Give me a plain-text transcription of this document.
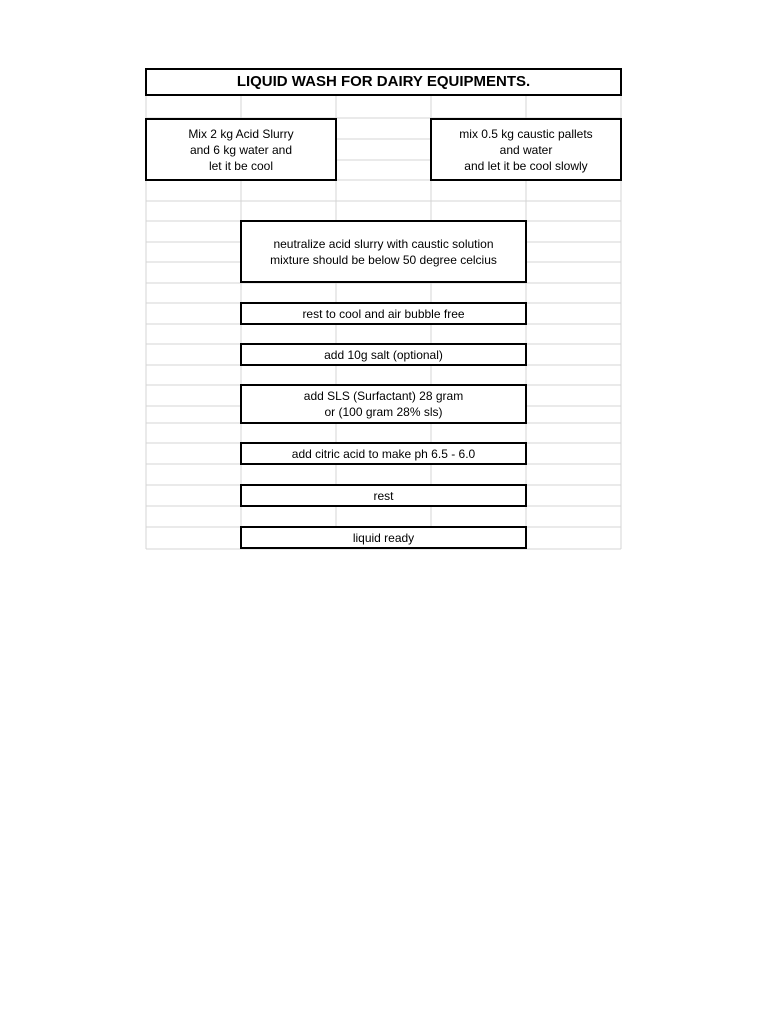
LIQUID WASH FOR DAIRY EQUIPMENTS.
Mix 2 kg Acid Slurry
and 6 kg water and
let it be cool
mix 0.5 kg caustic pallets
and water
and let it be cool slowly
neutralize acid slurry with caustic solution
mixture should be below 50 degree celcius
rest to cool and air bubble free
add 10g salt (optional)
add SLS (Surfactant) 28 gram
or (100 gram 28% sls)
add citric acid to make ph 6.5 - 6.0
rest
liquid ready
